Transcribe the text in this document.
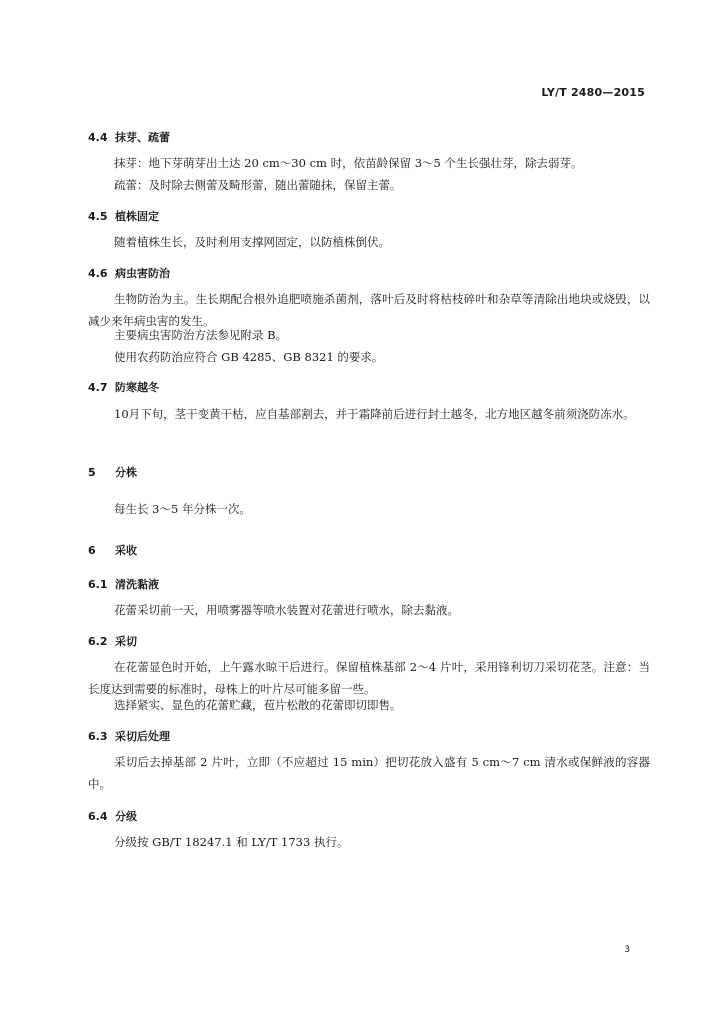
LY/T 2480—2015
4.4 抹芽、疏蕾
抹芽：地下芽萌芽出土达 20 cm～30 cm 时，依苗龄保留 3～5 个生长强壮芽，除去弱芽。
疏蕾：及时除去侧蕾及畸形蕾，随出蕾随抹，保留主蕾。
4.5 植株固定
随着植株生长，及时利用支撑网固定，以防植株倒伏。
4.6 病虫害防治
生物防治为主。生长期配合根外追肥喷施杀菌剂，落叶后及时将枯枝碎叶和杂草等清除出地块或烧毁，以减少来年病虫害的发生。
主要病虫害防治方法参见附录 B。
使用农药防治应符合 GB 4285、GB 8321 的要求。
4.7 防寒越冬
10月下旬，茎干变黄干枯，应自基部割去，并于霜降前后进行封土越冬，北方地区越冬前须浇防冻水。
5 分株
每生长 3～5 年分株一次。
6 采收
6.1 清洗黏液
花蕾采切前一天，用喷雾器等喷水装置对花蕾进行喷水，除去黏液。
6.2 采切
在花蕾显色时开始，上午露水晾干后进行。保留植株基部 2～4 片叶，采用锋利切刀采切花茎。注意：当长度达到需要的标准时，母株上的叶片尽可能多留一些。
选择紧实、显色的花蕾贮藏，苞片松散的花蕾即切即售。
6.3 采切后处理
采切后去掉基部 2 片叶，立即（不应超过 15 min）把切花放入盛有 5 cm～7 cm 清水或保鲜液的容器中。
6.4 分级
分级按 GB/T 18247.1 和 LY/T 1733 执行。
3
